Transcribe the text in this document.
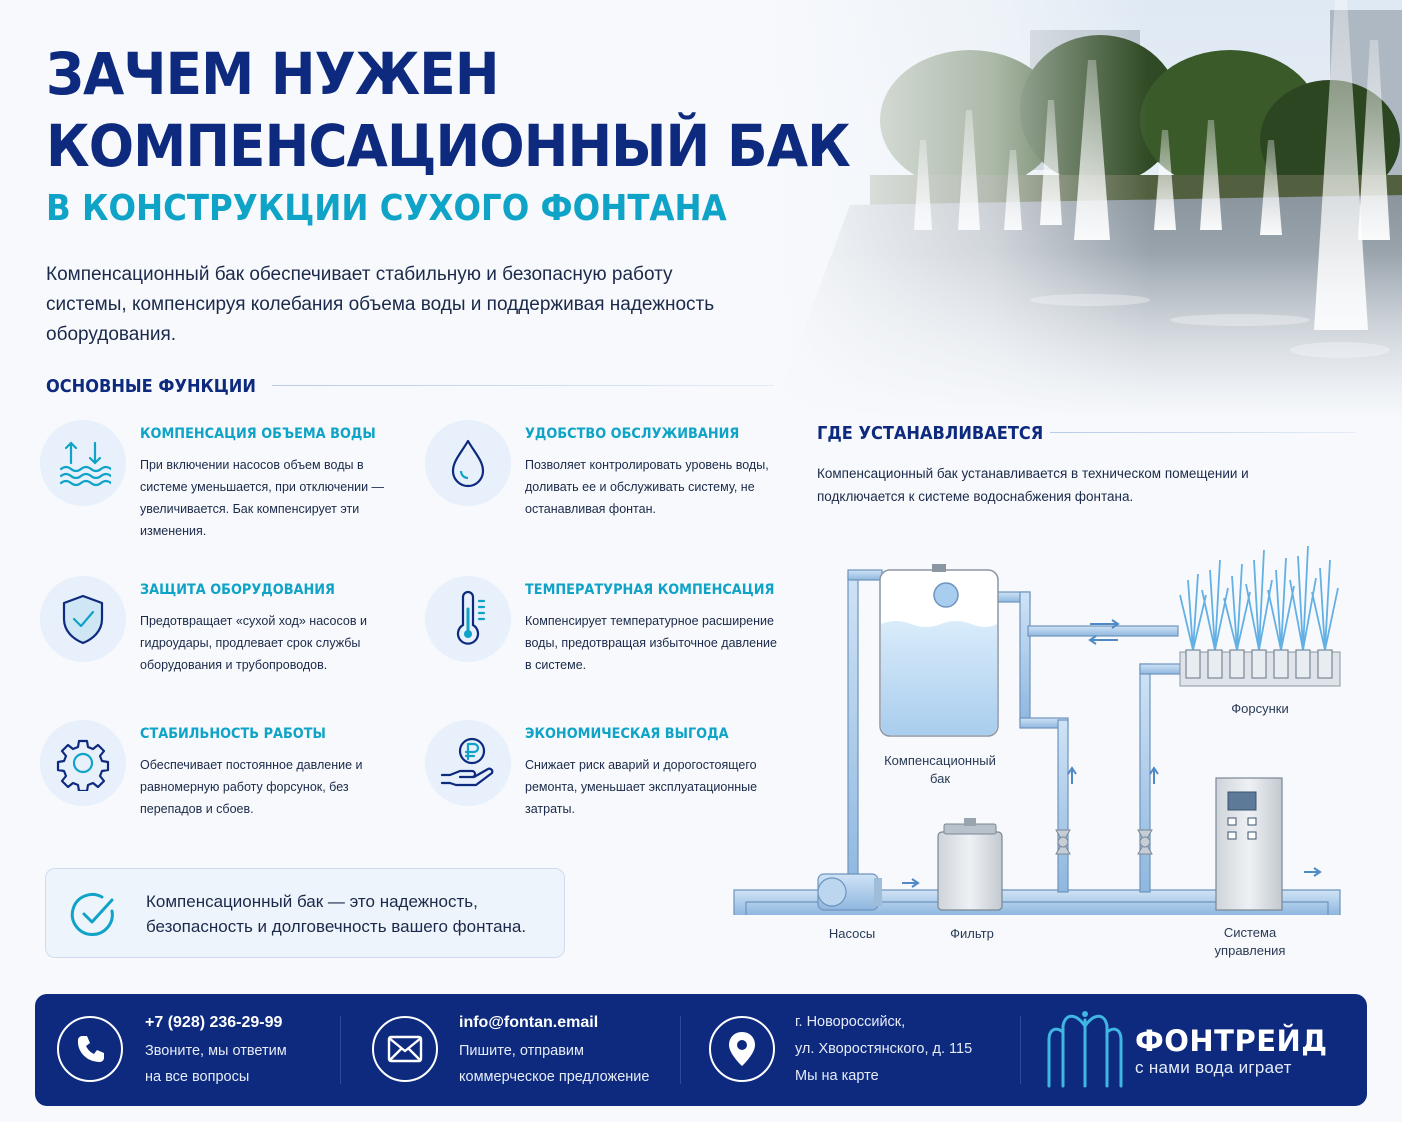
ЗАЧЕМ НУЖЕН
КОМПЕНСАЦИОННЫЙ БАК
В КОНСТРУКЦИИ СУХОГО ФОНТАНА
Компенсационный бак обеспечивает стабильную и безопасную работу системы, компенсируя колебания объема воды и поддерживая надежность оборудования.
ОСНОВНЫЕ ФУНКЦИИ
КОМПЕНСАЦИЯ ОБЪЕМА ВОДЫ
При включении насосов объем воды в системе уменьшается, при отключении — увеличивается. Бак компенсирует эти изменения.
УДОБСТВО ОБСЛУЖИВАНИЯ
Позволяет контролировать уровень воды, доливать ее и обслуживать систему, не останавливая фонтан.
ЗАЩИТА ОБОРУДОВАНИЯ
Предотвращает «сухой ход» насосов и гидроудары, продлевает срок службы оборудования и трубопроводов.
ТЕМПЕРАТУРНАЯ КОМПЕНСАЦИЯ
Компенсирует температурное расширение воды, предотвращая избыточное давление в системе.
СТАБИЛЬНОСТЬ РАБОТЫ
Обеспечивает постоянное давление и равномерную работу форсунок, без перепадов и сбоев.
ЭКОНОМИЧЕСКАЯ ВЫГОДА
Снижает риск аварий и дорогостоящего ремонта, уменьшает эксплуатационные затраты.
Компенсационный бак — это надежность, безопасность и долговечность вашего фонтана.
ГДЕ УСТАНАВЛИВАЕТСЯ
Компенсационный бак устанавливается в техническом помещении и подключается к системе водоснабжения фонтана.
Компенсационный
бак
Форсунки
Насосы	Фильтр	Система
управления
+7 (928) 236-29-99
Звоните, мы ответим
на все вопросы
info@fontan.email
Пишите, отправим
коммерческое предложение
г. Новороссийск,
ул. Хворостянского, д. 115
Мы на карте
ФОНТРЕЙД
с нами вода играет
